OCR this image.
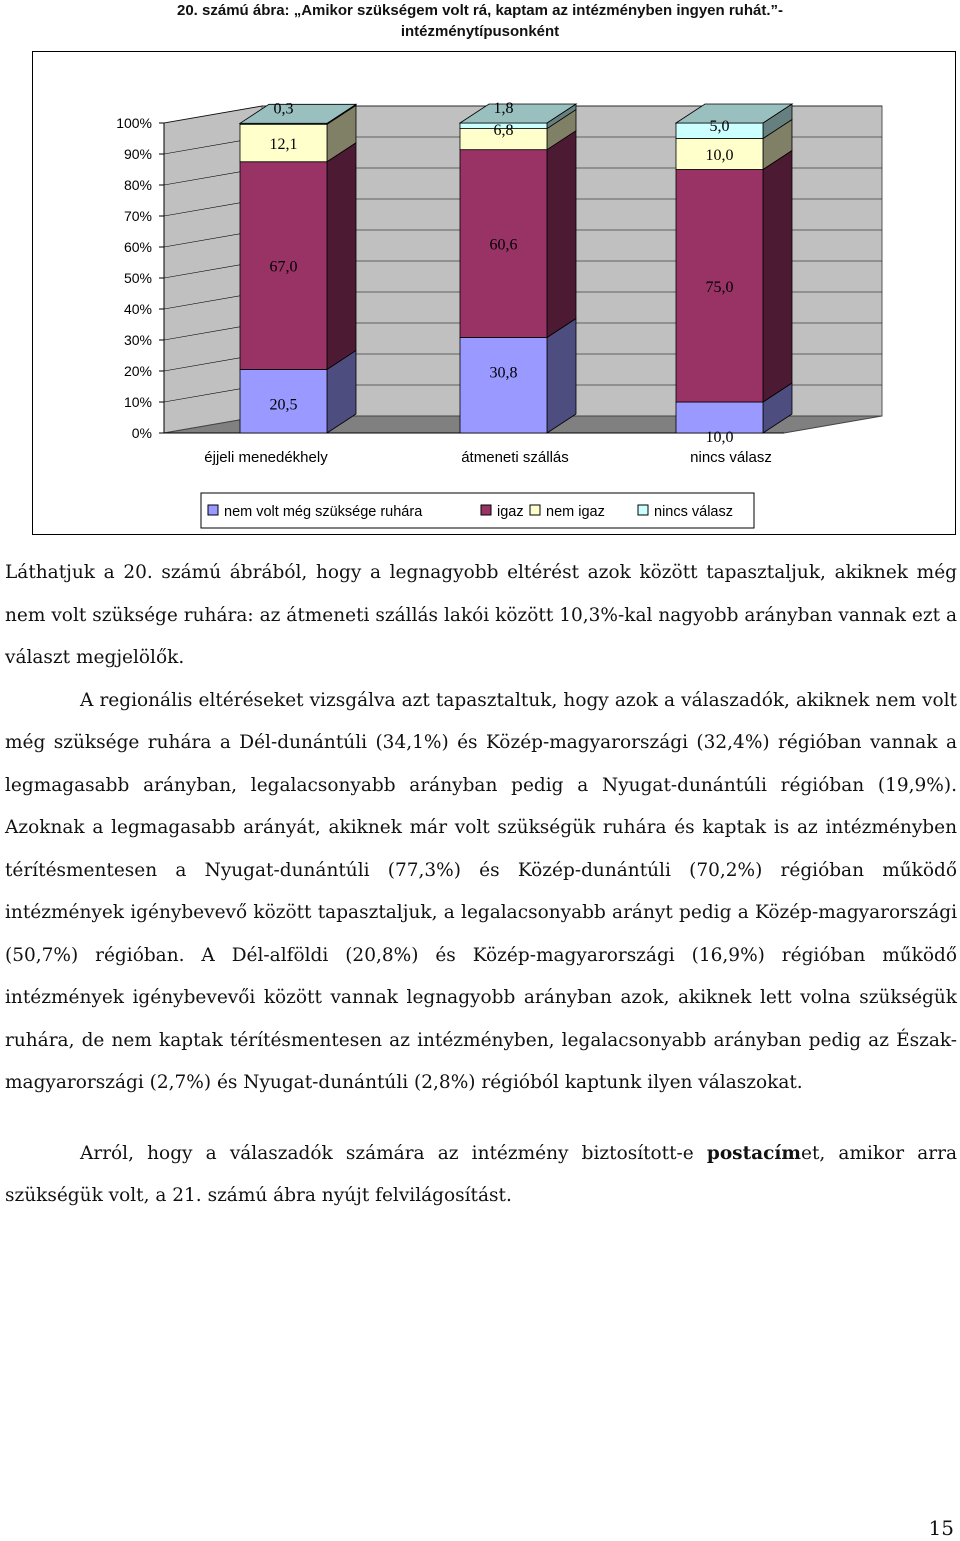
20. számú ábra: „Amikor szükségem volt rá, kaptam az intézményben ingyen ruhát.”-
intézménytípusonként
0%
10%
20%
30%
40%
50%
60%
70%
80%
90%
100%
20,5
67,0
12,1
0,3
30,8
60,6
6,8
1,8
10,0
75,0
10,0
5,0
éjjeli menedékhely	átmeneti szállás	nincs válasz
nem volt még szüksége ruhára	igaz nem igaz	nincs válasz

Láthatjuk a 20. számú ábrából, hogy a legnagyobb eltérést azok között tapasztaljuk, akiknek még nem volt szüksége ruhára: az átmeneti szállás lakói között 10,3%-kal nagyobb arányban vannak ezt a választ megjelölők.

A regionális eltéréseket vizsgálva azt tapasztaltuk, hogy azok a válaszadók, akiknek nem volt még szüksége ruhára a Dél-dunántúli (34,1%) és Közép-magyarországi (32,4%) régióban vannak a legmagasabb arányban, legalacsonyabb arányban pedig a Nyugat-dunántúli régióban (19,9%). Azoknak a legmagasabb arányát, akiknek már volt szükségük ruhára és kaptak is az intézményben térítésmentesen a Nyugat-dunántúli (77,3%) és Közép-dunántúli (70,2%) régióban működő intézmények igénybevevő között tapasztaljuk, a legalacsonyabb arányt pedig a Közép-magyarországi (50,7%) régióban. A Dél-alföldi (20,8%) és Közép-magyarországi (16,9%) régióban működő intézmények igénybevevői között vannak legnagyobb arányban azok, akiknek lett volna szükségük ruhára, de nem kaptak térítésmentesen az intézményben, legalacsonyabb arányban pedig az Észak-magyarországi (2,7%) és Nyugat-dunántúli (2,8%) régióból kaptunk ilyen válaszokat.

Arról, hogy a válaszadók számára az intézmény biztosított-e postacímet, amikor arra szükségük volt, a 21. számú ábra nyújt felvilágosítást.

15
